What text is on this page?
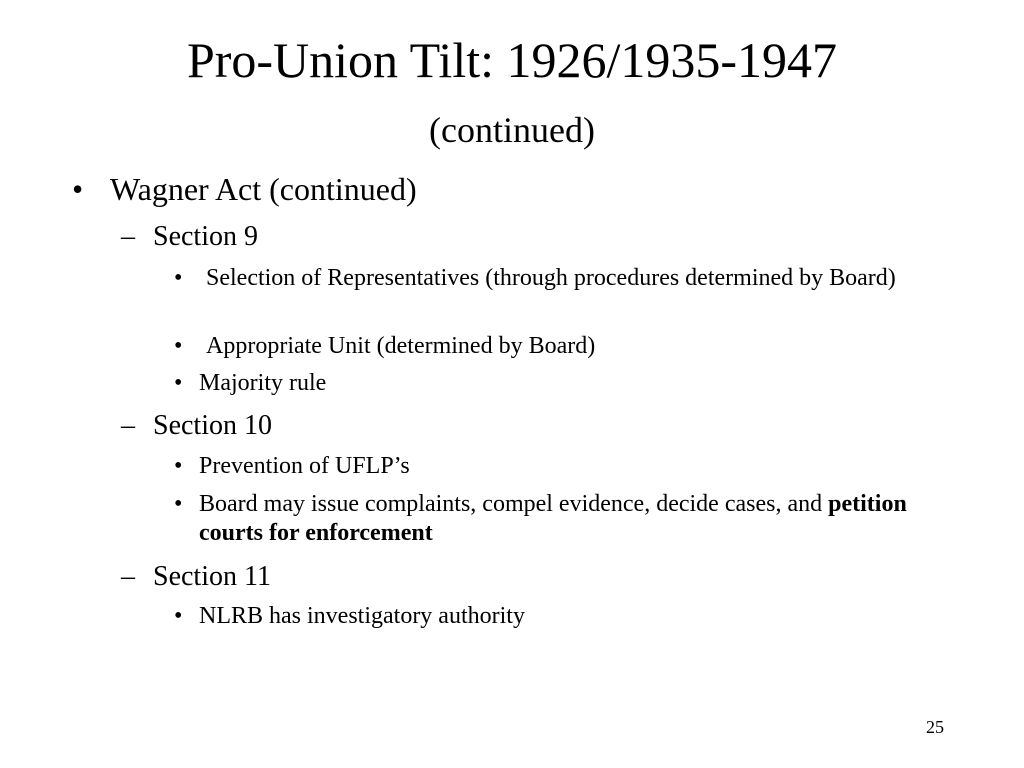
Pro-Union Tilt: 1926/1935-1947
(continued)
• Wagner Act (continued)
– Section 9
• Selection of Representatives (through procedures determined by Board)
• Appropriate Unit (determined by Board)
• Majority rule
– Section 10
• Prevention of UFLP’s
• Board may issue complaints, compel evidence, decide cases, and petition courts for enforcement
– Section 11
• NLRB has investigatory authority
25
